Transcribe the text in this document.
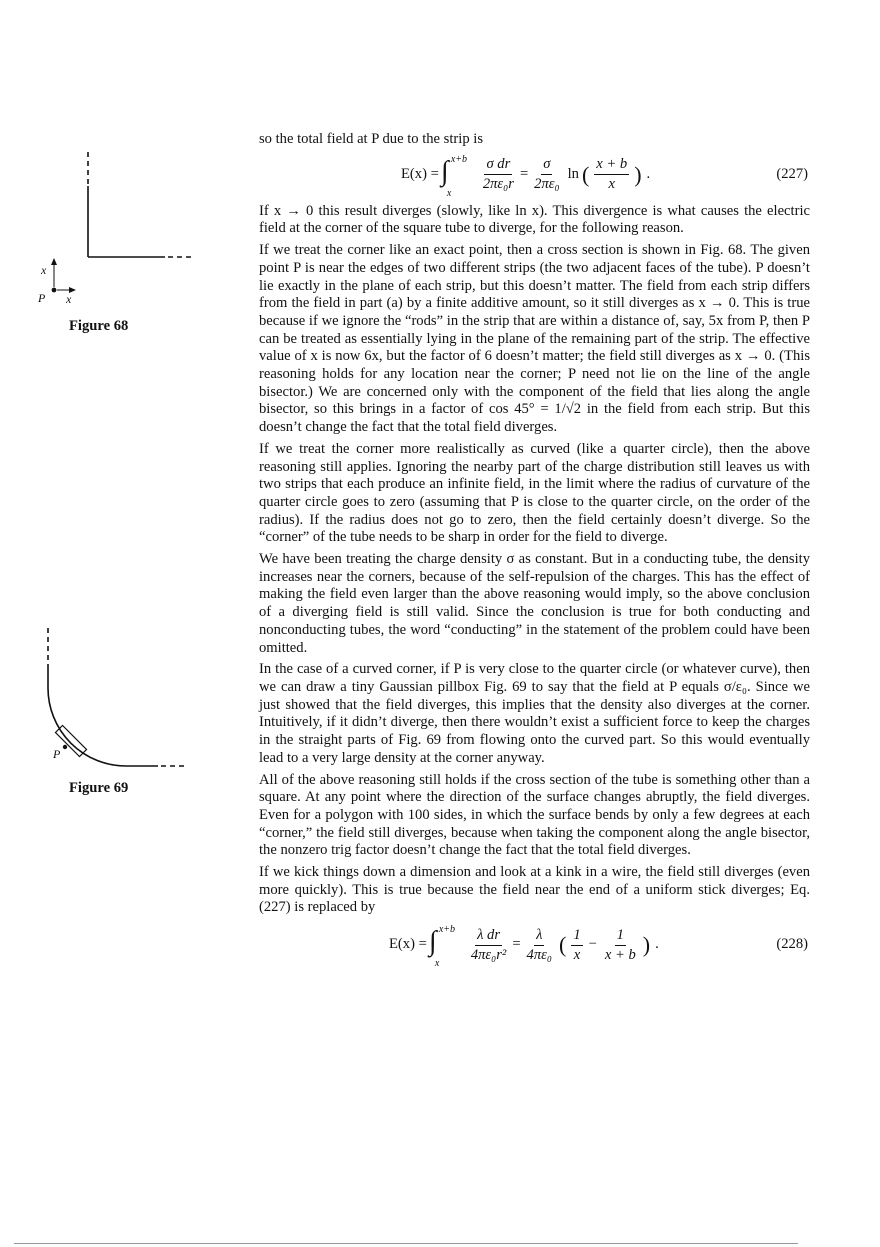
x
x
P
Figure 68
P
Figure 69

so the total field at P due to the strip is

E(x) = ∫ x+b
x $\frac{\text{σ dr}}{\text{2πε₀r}} = \frac{\sigma}{\text{2πε₀}}$ ln ( $\frac{x + b}{x}$ ) .	(227)

If x → 0 this result diverges (slowly, like ln x). This divergence is what causes the electric field at the corner of the square tube to diverge, for the following reason.

If we treat the corner like an exact point, then a cross section is shown in Fig. 68. The given point P is near the edges of two different strips (the two adjacent faces of the tube). P doesn’t lie exactly in the plane of each strip, but this doesn’t matter. The field from each strip differs from the field in part (a) by a finite additive amount, so it still diverges as x → 0. This is true because if we ignore the “rods” in the strip that are within a distance of, say, 5x from P, then P can be treated as essentially lying in the plane of the remaining part of the strip. The effective value of x is now 6x, but the factor of 6 doesn’t matter; the field still diverges as x → 0. (This reasoning holds for any location near the corner; P need not lie on the line of the angle bisector.) We are concerned only with the component of the field that lies along the angle bisector, so this brings in a factor of cos 45° = 1/√2 in the field from each strip. But this doesn’t change the fact that the total field diverges.

If we treat the corner more realistically as curved (like a quarter circle), then the above reasoning still applies. Ignoring the nearby part of the charge distribution still leaves us with two strips that each produce an infinite field, in the limit where the radius of curvature of the quarter circle goes to zero (assuming that P is close to the quarter circle, on the order of the radius). If the radius does not go to zero, then the field certainly doesn’t diverge. So the “corner” of the tube needs to be sharp in order for the field to diverge.

We have been treating the charge density σ as constant. But in a conducting tube, the density increases near the corners, because of the self-repulsion of the charges. This has the effect of making the field even larger than the above reasoning would imply, so the above conclusion of a diverging field is still valid. Since the conclusion is true for both conducting and nonconducting tubes, the word “conducting” in the statement of the problem could have been omitted.

In the case of a curved corner, if P is very close to the quarter circle (or whatever curve), then we can draw a tiny Gaussian pillbox Fig. 69 to say that the field at P equals σ/ε₀. Since we just showed that the field diverges, this implies that the density also diverges at the corner. Intuitively, if it didn’t diverge, then there wouldn’t exist a sufficient force to keep the charges in the straight parts of Fig. 69 from flowing onto the curved part. So this would eventually lead to a very large density at the corner anyway.

All of the above reasoning still holds if the cross section of the tube is something other than a square. At any point where the direction of the surface changes abruptly, the field diverges. Even for a polygon with 100 sides, in which the surface bends by only a few degrees at each “corner,” the field still diverges, because when taking the component along the angle bisector, the nonzero trig factor doesn’t change the fact that the total field diverges.

If we kick things down a dimension and look at a kink in a wire, the field still diverges (even more quickly). This is true because the field near the end of a uniform stick diverges; Eq. (227) is replaced by

E(x) = ∫ x+b
x $\frac{\text{λ dr}}{\text{4πε₀r²}} = \frac{\lambda}{\text{4πε₀}}$ ( $\frac{1}{x} - \frac{1}{x + b}$ ) .	(228)
